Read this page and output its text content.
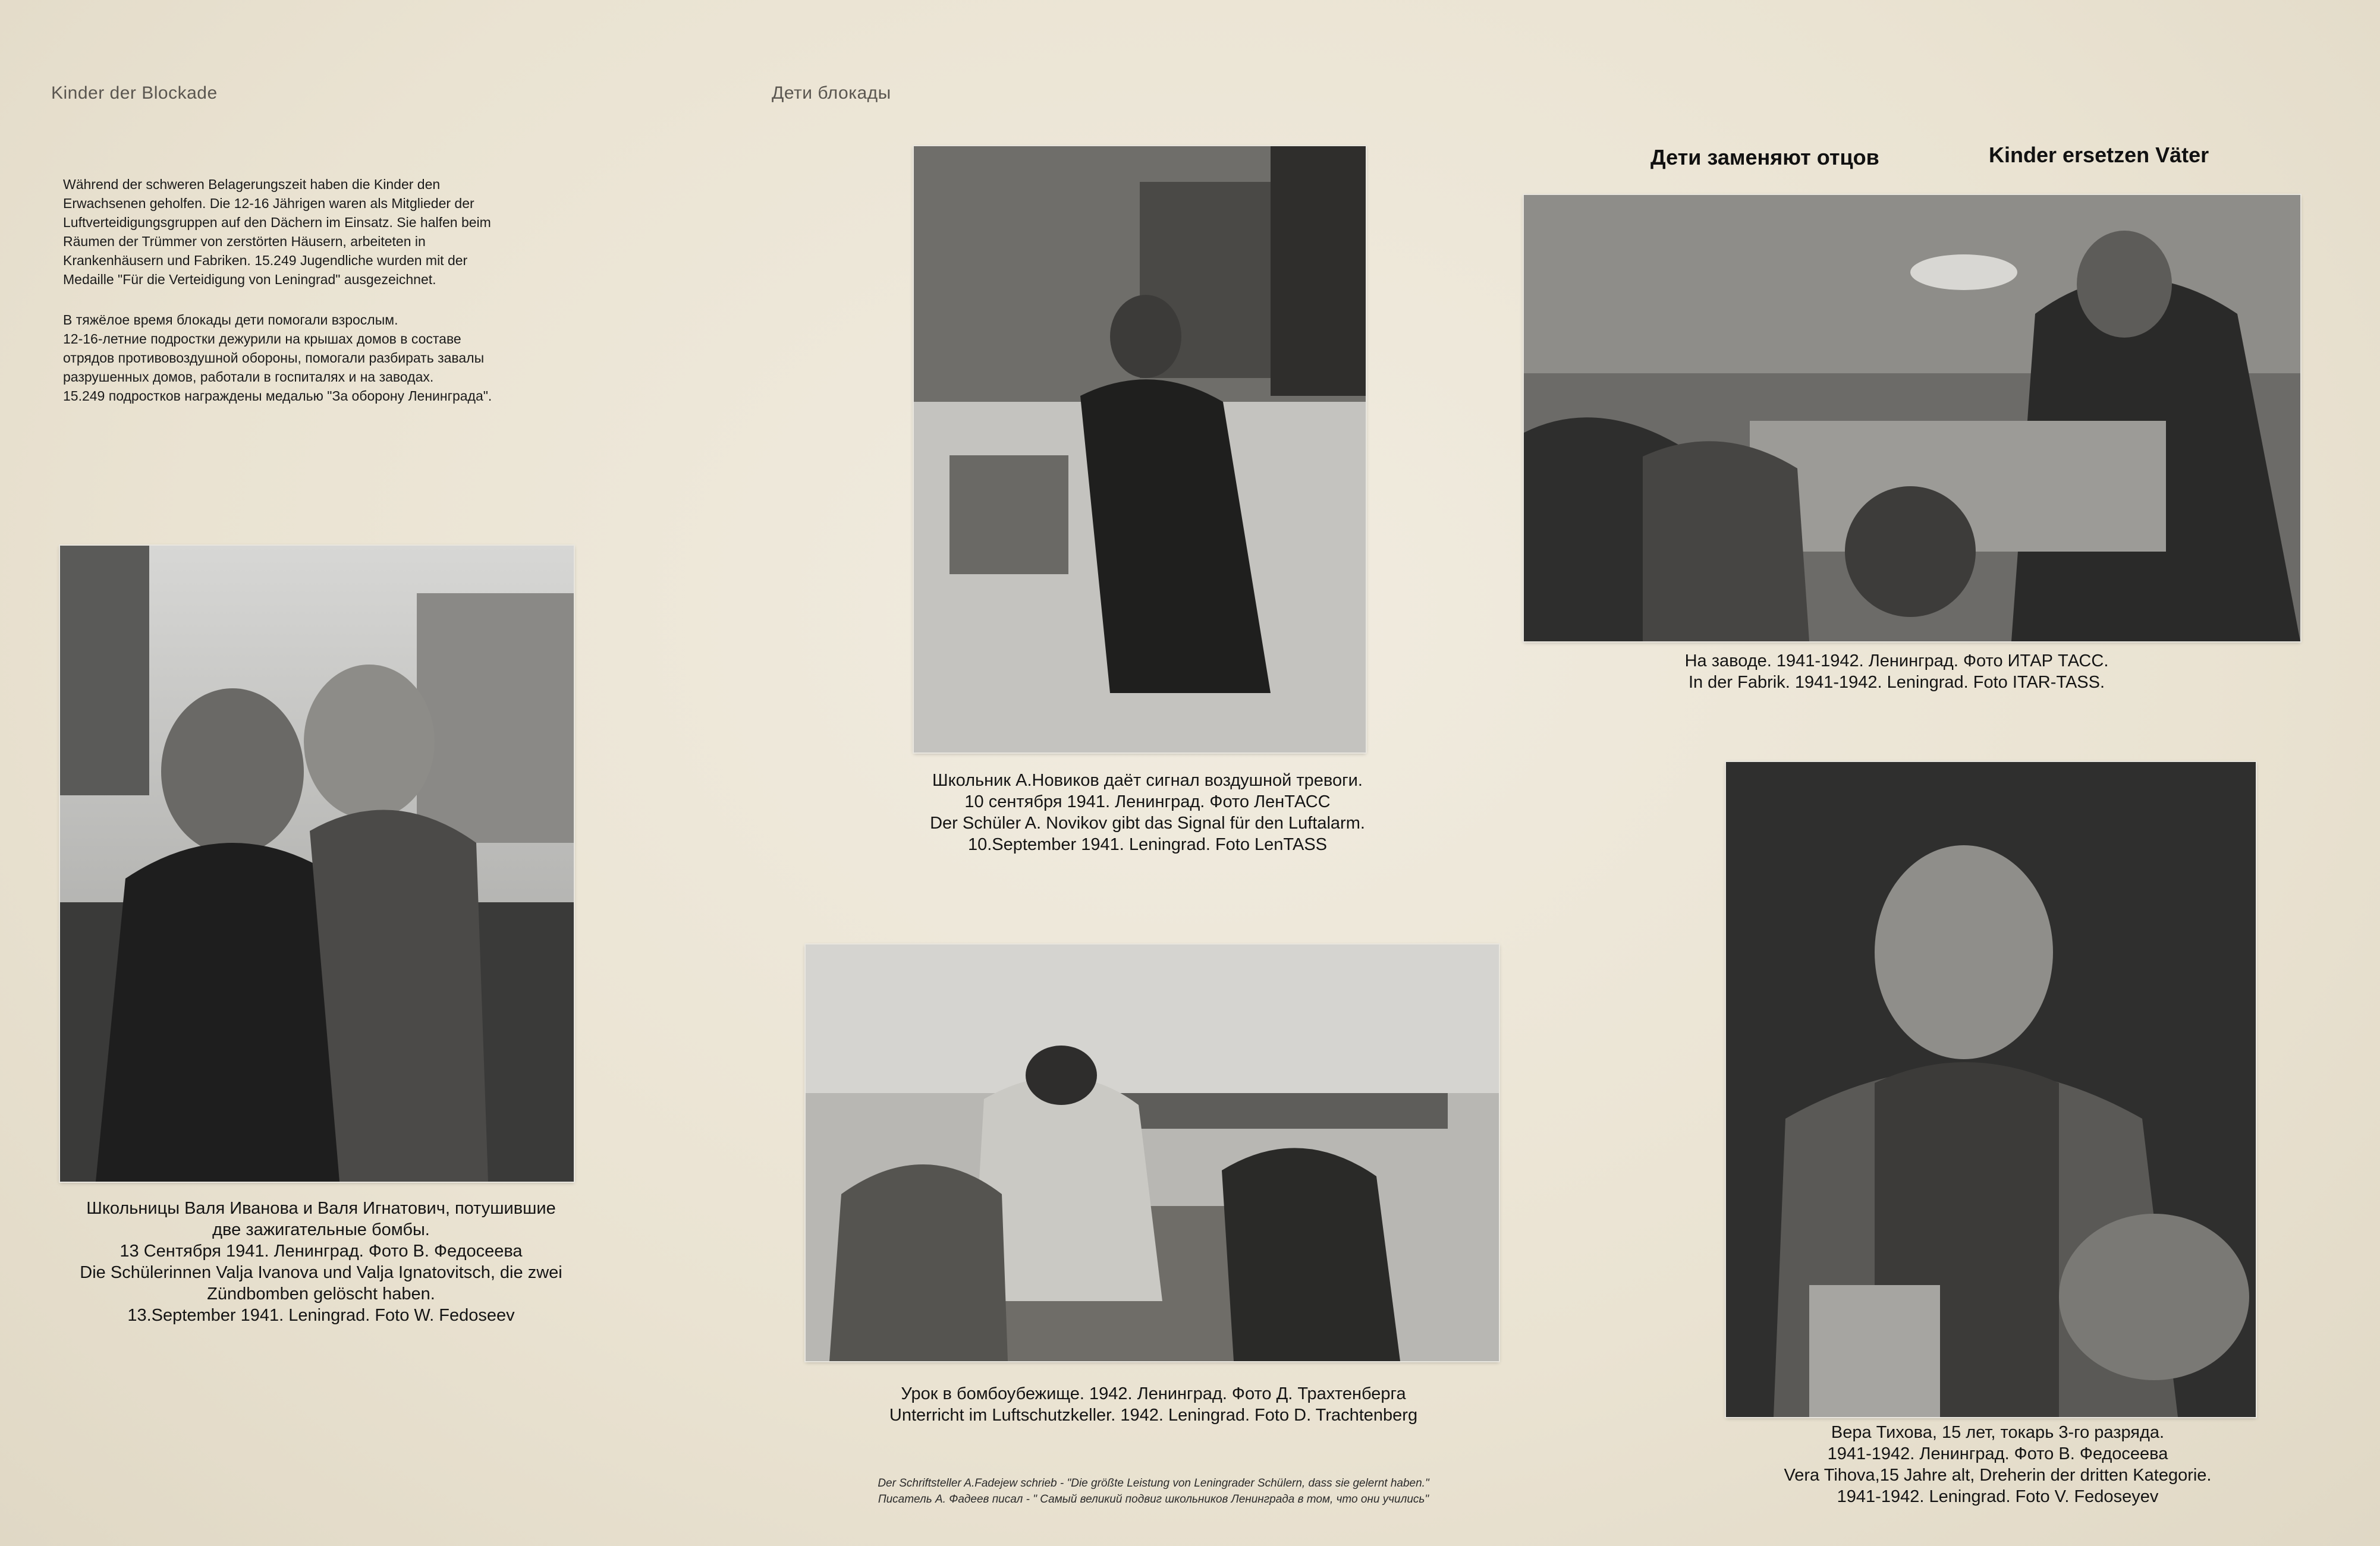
Kinder der Blockade	Дети блокады
Während der schweren Belagerungszeit haben die Kinder den
Erwachsenen geholfen. Die 12-16 Jährigen waren als Mitglieder der
Luftverteidigungsgruppen auf den Dächern im Einsatz. Sie halfen beim
Räumen der Trümmer von zerstörten Häusern, arbeiteten in
Krankenhäusern und Fabriken. 15.249 Jugendliche wurden mit der
Medaille "Für die Verteidigung von Leningrad" ausgezeichnet.
В тяжёлое время блокады дети помогали взрослым.
12-16-летние подростки дежурили на крышах домов в составе
отрядов противовоздушной обороны, помогали разбирать завалы
разрушенных домов, работали в госпиталях и на заводах.
15.249 подростков награждены медалью "За оборону Ленинграда".
Дети заменяют отцов	Kinder ersetzen Väter
Школьницы Валя Иванова и Валя Игнатович, потушившие
две зажигательные бомбы.
13 Сентября 1941. Ленинград. Фото В. Федосеева
Die Schülerinnen Valja Ivanova und Valja Ignatovitsch, die zwei
Zündbomben gelöscht haben.
13.September 1941. Leningrad. Foto W. Fedoseev
Школьник А.Новиков даёт сигнал воздушной тревоги.
10 сентября 1941. Ленинград. Фото ЛенТАСС
Der Schüler A. Novikov gibt das Signal für den Luftalarm.
10.September 1941. Leningrad. Foto LenTASS
На заводе. 1941-1942. Ленинград. Фото ИТАР ТАСС.
In der Fabrik. 1941-1942. Leningrad. Foto ITAR-TASS.
Урок в бомбоубежище. 1942. Ленинград. Фото Д. Трахтенберга
Unterricht im Luftschutzkeller. 1942. Leningrad. Foto D. Trachtenberg
Вера Тихова, 15 лет, токарь 3-го разряда.
1941-1942. Ленинград. Фото В. Федосеева
Vera Tihova,15 Jahre alt, Dreherin der dritten Kategorie.
1941-1942. Leningrad. Foto V. Fedoseyev
Der Schriftsteller A.Fadejew schrieb - "Die größte Leistung von Leningrader Schülern, dass sie gelernt haben."
Писатель А. Фадеев писал - " Самый великий подвиг школьников Ленинграда в том, что они учились"
